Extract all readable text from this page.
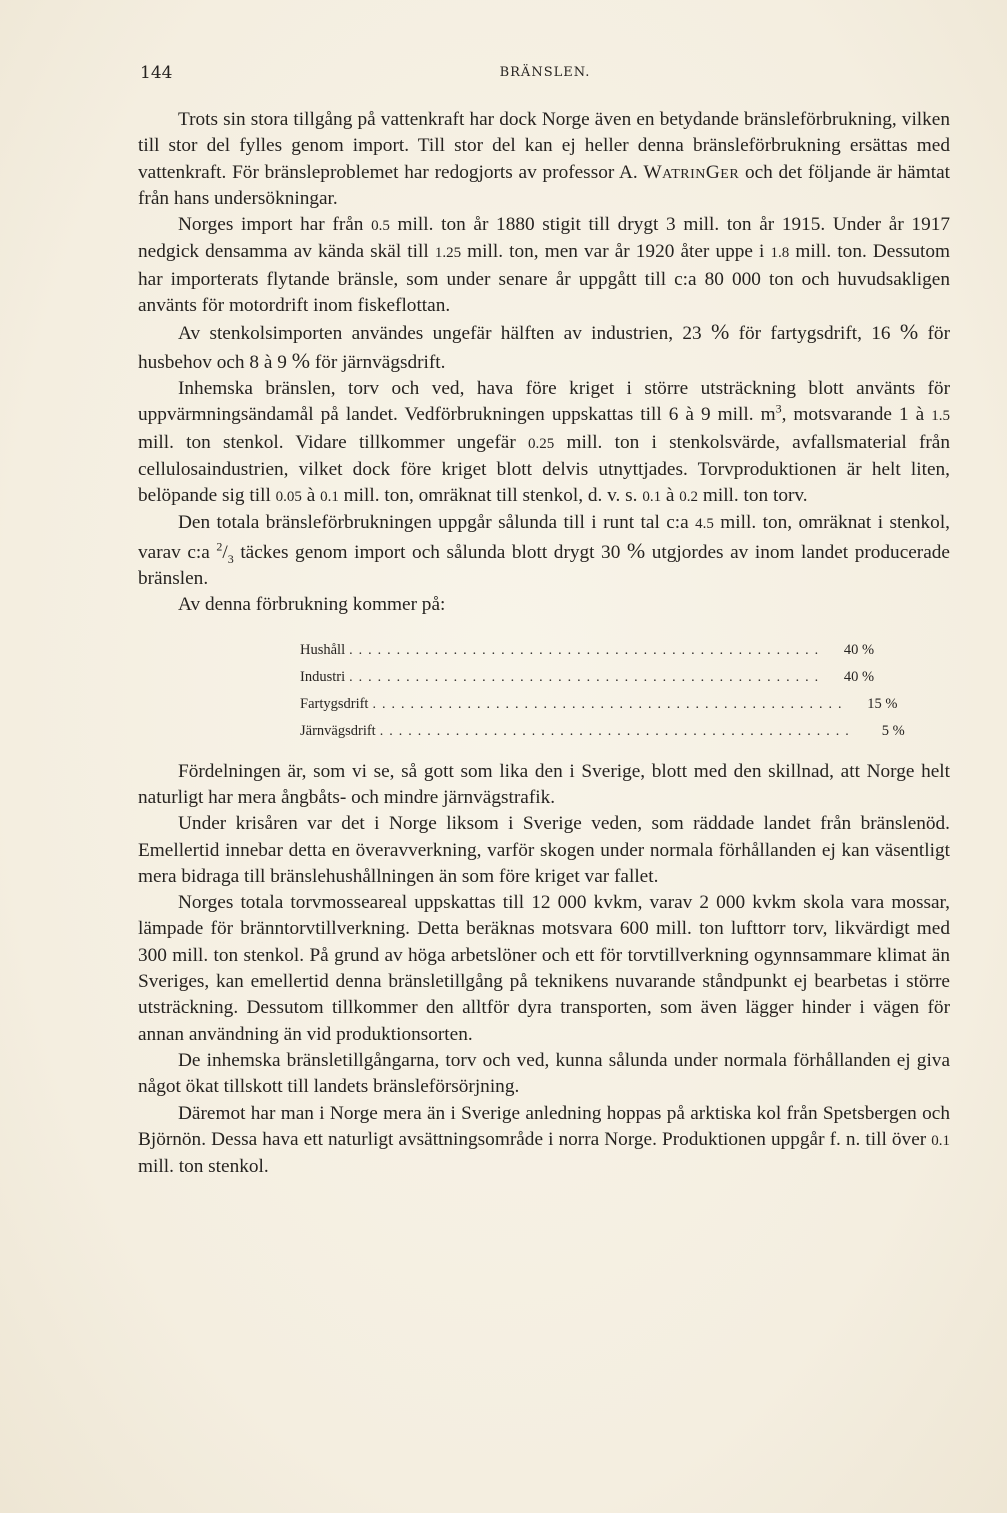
144	BRÄNSLEN.

Trots sin stora tillgång på vattenkraft har dock Norge även en betydande bränsleförbrukning, vilken till stor del fylles genom import. Till stor del kan ej heller denna bränsleförbrukning ersättas med vattenkraft. För bränsleproblemet har redogjorts av professor A. WatrinGer och det följande är hämtat från hans undersökningar.

Norges import har från 0.5 mill. ton år 1880 stigit till drygt 3 mill. ton år 1915. Under år 1917 nedgick densamma av kända skäl till 1.25 mill. ton, men var år 1920 åter uppe i 1.8 mill. ton. Dessutom har importerats flytande bränsle, som under senare år uppgått till c:a 80 000 ton och huvudsakligen använts för motordrift inom fiskeflottan.

Av stenkolsimporten användes ungefär hälften av industrien, 23 % för fartygsdrift, 16 % för husbehov och 8 à 9 % för järnvägsdrift.

Inhemska bränslen, torv och ved, hava före kriget i större utsträckning blott använts för uppvärmningsändamål på landet. Vedförbrukningen uppskattas till 6 à 9 mill. $m^3$, motsvarande 1 à 1.5 mill. ton stenkol. Vidare tillkommer ungefär 0.25 mill. ton i stenkolsvärde, avfallsmaterial från cellulosaindustrien, vilket dock före kriget blott delvis utnyttjades. Torvproduktionen är helt liten, belöpande sig till 0.05 à 0.1 mill. ton, omräknat till stenkol, d. v. s. 0.1 à 0.2 mill. ton torv.

Den totala bränsleförbrukningen uppgår sålunda till i runt tal c:a 4.5 mill. ton, omräknat i stenkol, varav c:a $^2/_3$ täckes genom import och sålunda blott drygt 30 % utgjordes av inom landet producerade bränslen.

Av denna förbrukning kommer på:

Hushåll ..................................................	40 %
Industri ..................................................	40 %
Fartygsdrift ..................................................	15 %
Järnvägsdrift ..................................................	5 %

Fördelningen är, som vi se, så gott som lika den i Sverige, blott med den skillnad, att Norge helt naturligt har mera ångbåts- och mindre järnvägstrafik.

Under krisåren var det i Norge liksom i Sverige veden, som räddade landet från bränslenöd. Emellertid innebar detta en överavverkning, varför skogen under normala förhållanden ej kan väsentligt mera bidraga till bränslehushållningen än som före kriget var fallet.

Norges totala torvmosseareal uppskattas till 12 000 kvkm, varav 2 000 kvkm skola vara mossar, lämpade för bränntorvtillverkning. Detta beräknas motsvara 600 mill. ton lufttorr torv, likvärdigt med 300 mill. ton stenkol. På grund av höga arbetslöner och ett för torvtillverkning ogynnsammare klimat än Sveriges, kan emellertid denna bränsletillgång på teknikens nuvarande ståndpunkt ej bearbetas i större utsträckning. Dessutom tillkommer den alltför dyra transporten, som även lägger hinder i vägen för annan användning än vid produktionsorten.

De inhemska bränsletillgångarna, torv och ved, kunna sålunda under normala förhållanden ej giva något ökat tillskott till landets bränsleförsörjning.

Däremot har man i Norge mera än i Sverige anledning hoppas på arktiska kol från Spetsbergen och Björnön. Dessa hava ett naturligt avsättningsområde i norra Norge. Produktionen uppgår f. n. till över 0.1 mill. ton stenkol.
